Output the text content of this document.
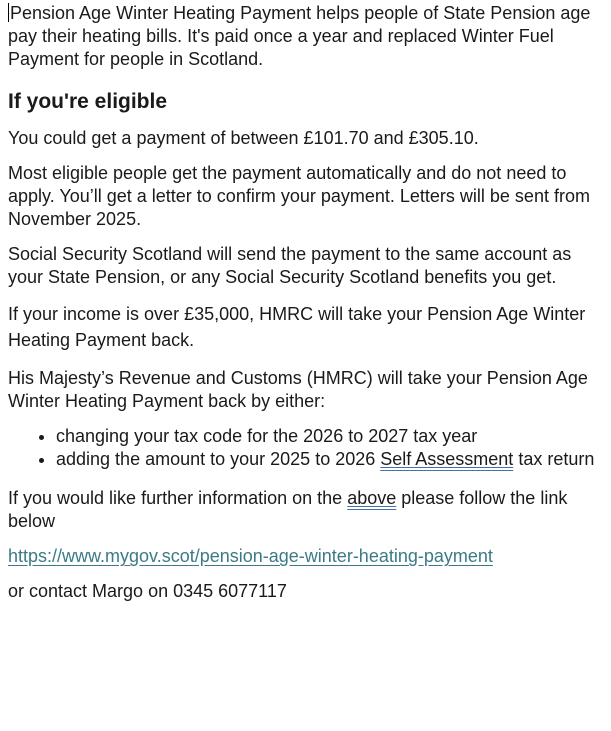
Pension Age Winter Heating Payment helps people of State Pension age pay their heating bills. It's paid once a year and replaced Winter Fuel Payment for people in Scotland.

If you're eligible

You could get a payment of between £101.70 and £305.10.

Most eligible people get the payment automatically and do not need to apply. You’ll get a letter to confirm your payment. Letters will be sent from November 2025.

Social Security Scotland will send the payment to the same account as your State Pension, or any Social Security Scotland benefits you get.

If your income is over £35,000, HMRC will take your Pension Age Winter Heating Payment back.

His Majesty’s Revenue and Customs (HMRC) will take your Pension Age Winter Heating Payment back by either:

• changing your tax code for the 2026 to 2027 tax year
• adding the amount to your 2025 to 2026 Self Assessment tax return

If you would like further information on the above please follow the link below

https://www.mygov.scot/pension-age-winter-heating-payment

or contact Margo on 0345 6077117
